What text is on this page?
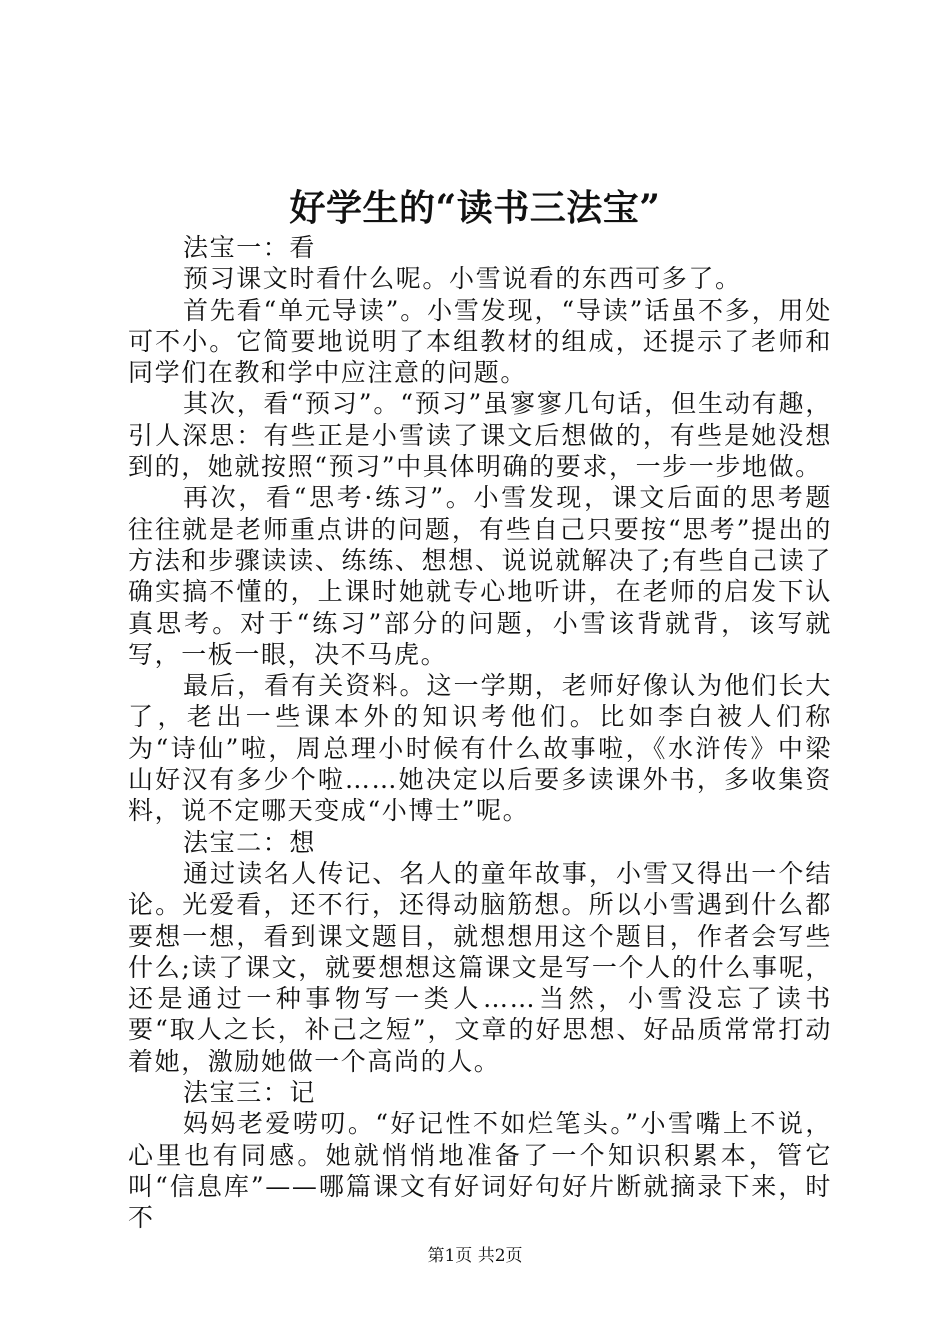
好学生的“读书三法宝”

法宝一：看

预习课文时看什么呢。小雪说看的东西可多了。

首先看“单元导读”。小雪发现，“导读”话虽不多，用处可不小。它简要地说明了本组教材的组成，还提示了老师和同学们在教和学中应注意的问题。

其次，看“预习”。“预习”虽寥寥几句话，但生动有趣，引人深思：有些正是小雪读了课文后想做的，有些是她没想到的，她就按照“预习”中具体明确的要求，一步一步地做。

再次，看“思考·练习”。小雪发现，课文后面的思考题往往就是老师重点讲的问题，有些自己只要按“思考”提出的方法和步骤读读、练练、想想、说说就解决了;有些自己读了确实搞不懂的，上课时她就专心地听讲，在老师的启发下认真思考。对于“练习”部分的问题，小雪该背就背，该写就写，一板一眼，决不马虎。

最后，看有关资料。这一学期，老师好像认为他们长大了，老出一些课本外的知识考他们。比如李白被人们称为“诗仙”啦，周总理小时候有什么故事啦，《水浒传》中梁山好汉有多少个啦……她决定以后要多读课外书，多收集资料，说不定哪天变成“小博士”呢。

法宝二：想

通过读名人传记、名人的童年故事，小雪又得出一个结论。光爱看，还不行，还得动脑筋想。所以小雪遇到什么都要想一想，看到课文题目，就想想用这个题目，作者会写些什么;读了课文，就要想想这篇课文是写一个人的什么事呢，还是通过一种事物写一类人……当然，小雪没忘了读书要“取人之长，补己之短”，文章的好思想、好品质常常打动着她，激励她做一个高尚的人。

法宝三：记

妈妈老爱唠叨。“好记性不如烂笔头。”小雪嘴上不说，心里也有同感。她就悄悄地准备了一个知识积累本，管它叫“信息库”——哪篇课文有好词好句好片断就摘录下来，时不

第1页 共2页
